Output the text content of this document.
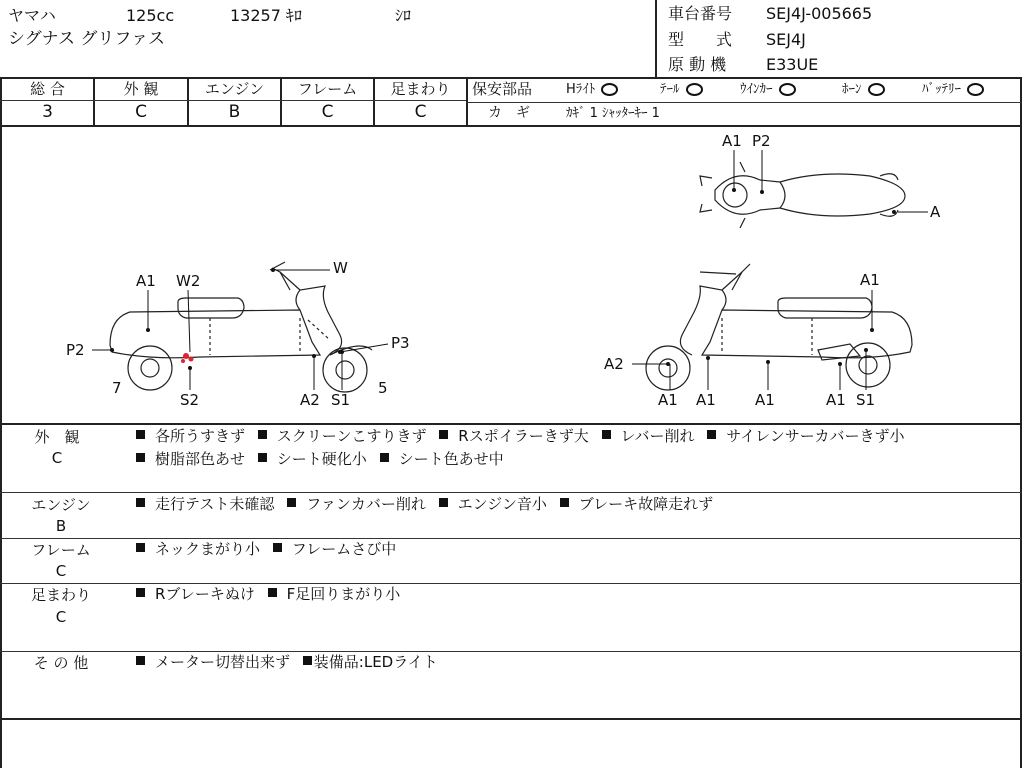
ヤマハ	125cc	13257 ｷﾛ	ｼﾛ
シグナス グリファス
車台番号 SEJ4J-005665
型　　式 SEJ4J
原 動 機 E33UE
総 合
3
外 観
C
エンジン
B
フレーム
C
足まわり
C
保安部品	Hﾗｲﾄ	ﾃｰﾙ	ｳｲﾝｶｰ	ﾎｰﾝ	ﾊﾞｯﾃﾘｰ
カ　ギ	ｶｷﾞ 1 ｼｬｯﾀｰｷｰ 1
A1 P2
A
W
A1 W2
P2
7
S2
P3
A2 S1
5
A1
A2
A1 A1	A1	A1 S1
外　観
C
各所うすきず スクリーンこすりきず Rスポイラーきず大 レバー削れ サイレンサーカバーきず小
樹脂部色あせ シート硬化小 シート色あせ中
エンジン
B
走行テスト未確認 ファンカバー削れ エンジン音小 ブレーキ故障走れず
フレーム
C
ネックまがり小 フレームさび中
足まわり
C
Rブレーキぬけ F足回りまがり小
そ の 他	メーター切替出来ず 装備品:LEDライト
